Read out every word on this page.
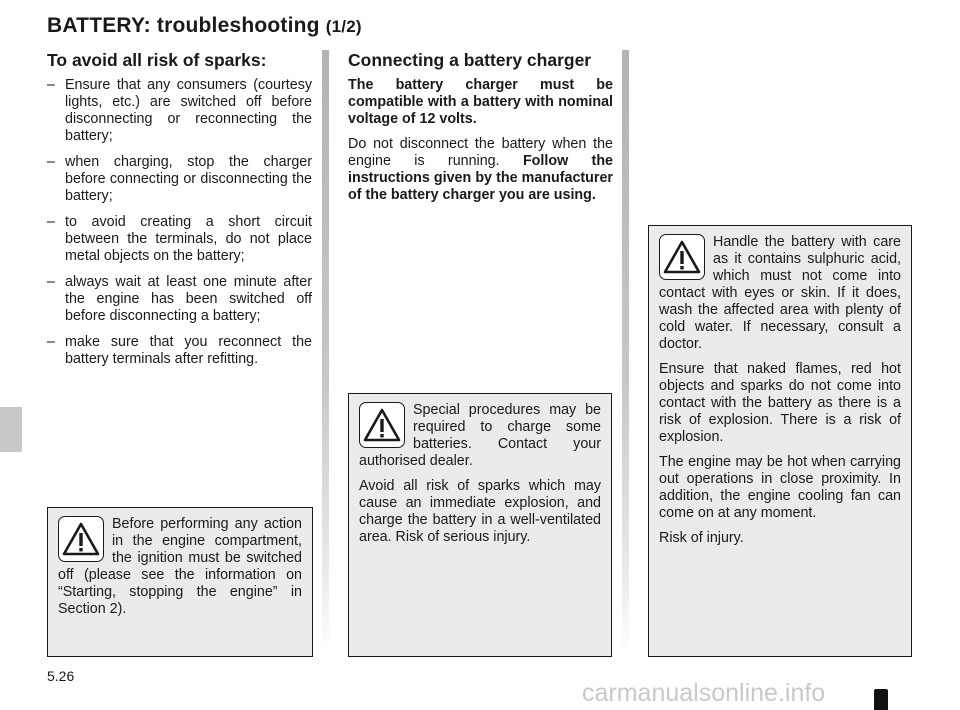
BATTERY: troubleshooting (1/2)
To avoid all risk of sparks:
– Ensure that any consumers (courtesy lights, etc.) are switched off before disconnecting or reconnecting the battery;
– when charging, stop the charger before connecting or disconnecting the battery;
– to avoid creating a short circuit between the terminals, do not place metal objects on the battery;
– always wait at least one minute after the engine has been switched off before disconnecting a battery;
– make sure that you reconnect the battery terminals after refitting.

Before performing any action in the engine compartment, the ignition must be switched off (please see the information on “Starting, stopping the engine” in Section 2).

Connecting a battery charger
The battery charger must be compatible with a battery with nominal voltage of 12 volts.
Do not disconnect the battery when the engine is running. Follow the instructions given by the manufacturer of the battery charger you are using.

Special procedures may be required to charge some batteries. Contact your authorised dealer.

Avoid all risk of sparks which may cause an immediate explosion, and charge the battery in a well-ventilated area. Risk of serious injury.

Handle the battery with care as it contains sulphuric acid, which must not come into contact with eyes or skin. If it does, wash the affected area with plenty of cold water. If necessary, consult a doctor.

Ensure that naked flames, red hot objects and sparks do not come into contact with the battery as there is a risk of explosion. There is a risk of explosion.

The engine may be hot when carrying out operations in close proximity. In addition, the engine cooling fan can come on at any moment.

Risk of injury.

5.26
carmanualsonline.info
